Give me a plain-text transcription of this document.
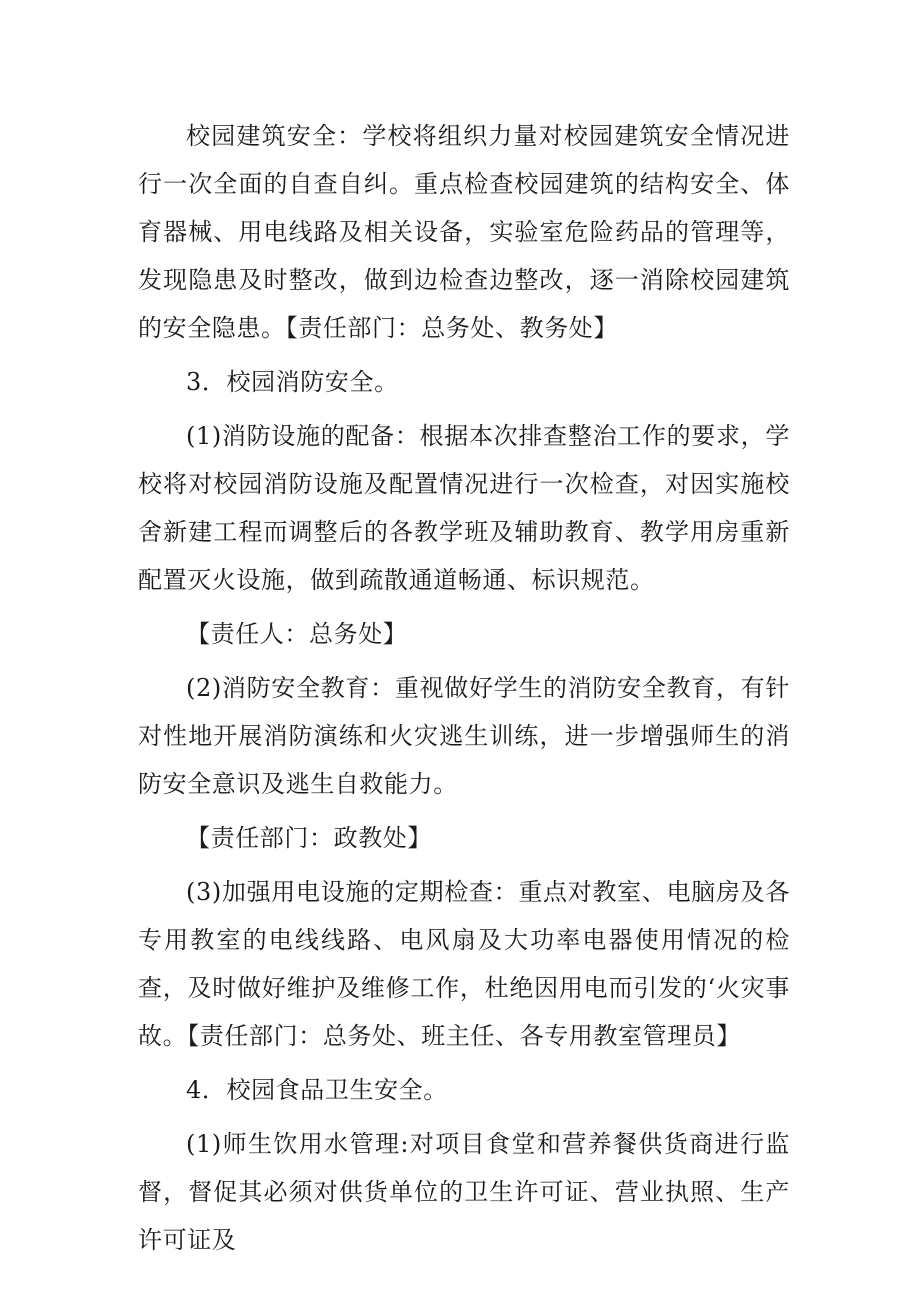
校园建筑安全：学校将组织力量对校园建筑安全情况进行一次全面的自查自纠。重点检查校园建筑的结构安全、体育器械、用电线路及相关设备，实验室危险药品的管理等，发现隐患及时整改，做到边检查边整改，逐一消除校园建筑的安全隐患。【责任部门：总务处、教务处】

3．校园消防安全。

(1)消防设施的配备：根据本次排查整治工作的要求，学校将对校园消防设施及配置情况进行一次检查，对因实施校舍新建工程而调整后的各教学班及辅助教育、教学用房重新配置灭火设施，做到疏散通道畅通、标识规范。

【责任人：总务处】

(2)消防安全教育：重视做好学生的消防安全教育，有针对性地开展消防演练和火灾逃生训练，进一步增强师生的消防安全意识及逃生自救能力。

【责任部门：政教处】

(3)加强用电设施的定期检查：重点对教室、电脑房及各专用教室的电线线路、电风扇及大功率电器使用情况的检查，及时做好维护及维修工作，杜绝因用电而引发的‘火灾事故。【责任部门：总务处、班主任、各专用教室管理员】

4．校园食品卫生安全。

(1)师生饮用水管理:对项目食堂和营养餐供货商进行监督，督促其必须对供货单位的卫生许可证、营业执照、生产许可证及
